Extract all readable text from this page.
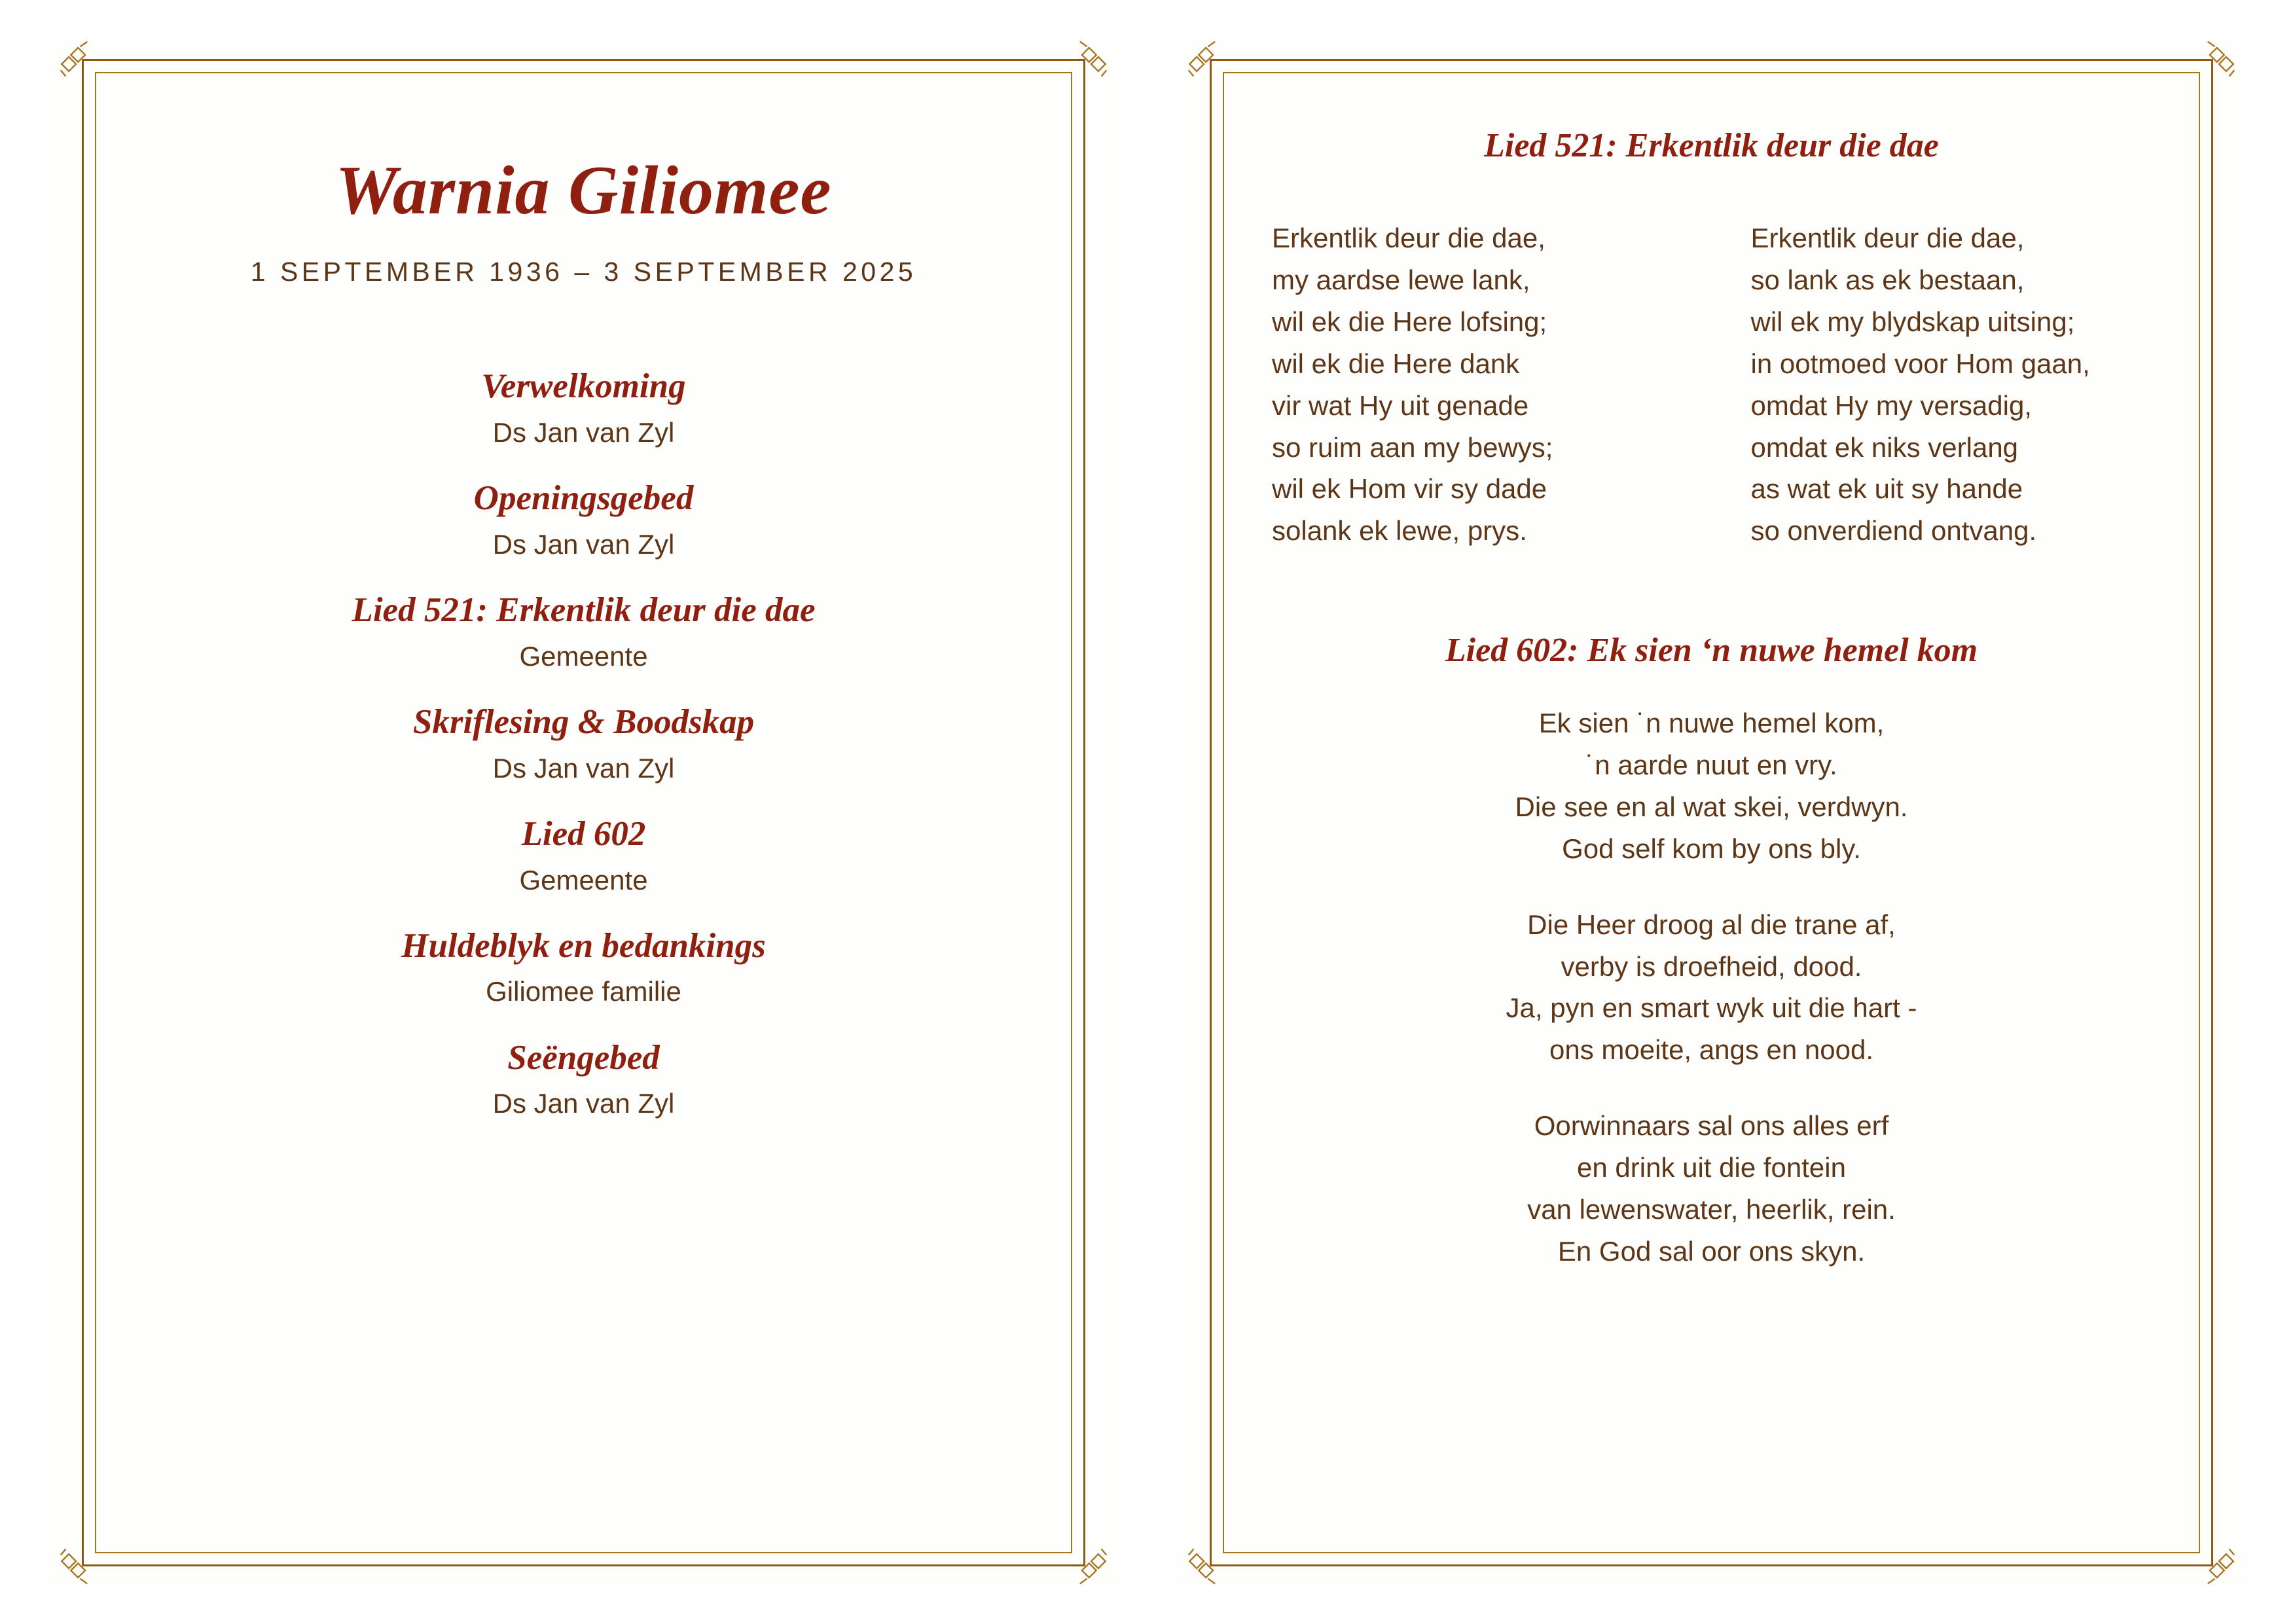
Warnia Giliomee
1 SEPTEMBER 1936 – 3 SEPTEMBER 2025
Verwelkoming
Ds Jan van Zyl
Openingsgebed
Ds Jan van Zyl
Lied 521: Erkentlik deur die dae
Gemeente
Skriflesing & Boodskap
Ds Jan van Zyl
Lied 602
Gemeente
Huldeblyk en bedankings
Giliomee familie
Seëngebed
Ds Jan van Zyl
Lied 521: Erkentlik deur die dae
Erkentlik deur die dae,
my aardse lewe lank,
wil ek die Here lofsing;
wil ek die Here dank
vir wat Hy uit genade
so ruim aan my bewys;
wil ek Hom vir sy dade
solank ek lewe, prys.
Erkentlik deur die dae,
so lank as ek bestaan,
wil ek my blydskap uitsing;
in ootmoed voor Hom gaan,
omdat Hy my versadig,
omdat ek niks verlang
as wat ek uit sy hande
so onverdiend ontvang.
Lied 602: Ek sien ‘n nuwe hemel kom
Ek sien ˙n nuwe hemel kom,
˙n aarde nuut en vry.
Die see en al wat skei, verdwyn.
God self kom by ons bly.
Die Heer droog al die trane af,
verby is droefheid, dood.
Ja, pyn en smart wyk uit die hart -
ons moeite, angs en nood.
Oorwinnaars sal ons alles erf
en drink uit die fontein
van lewenswater, heerlik, rein.
En God sal oor ons skyn.
